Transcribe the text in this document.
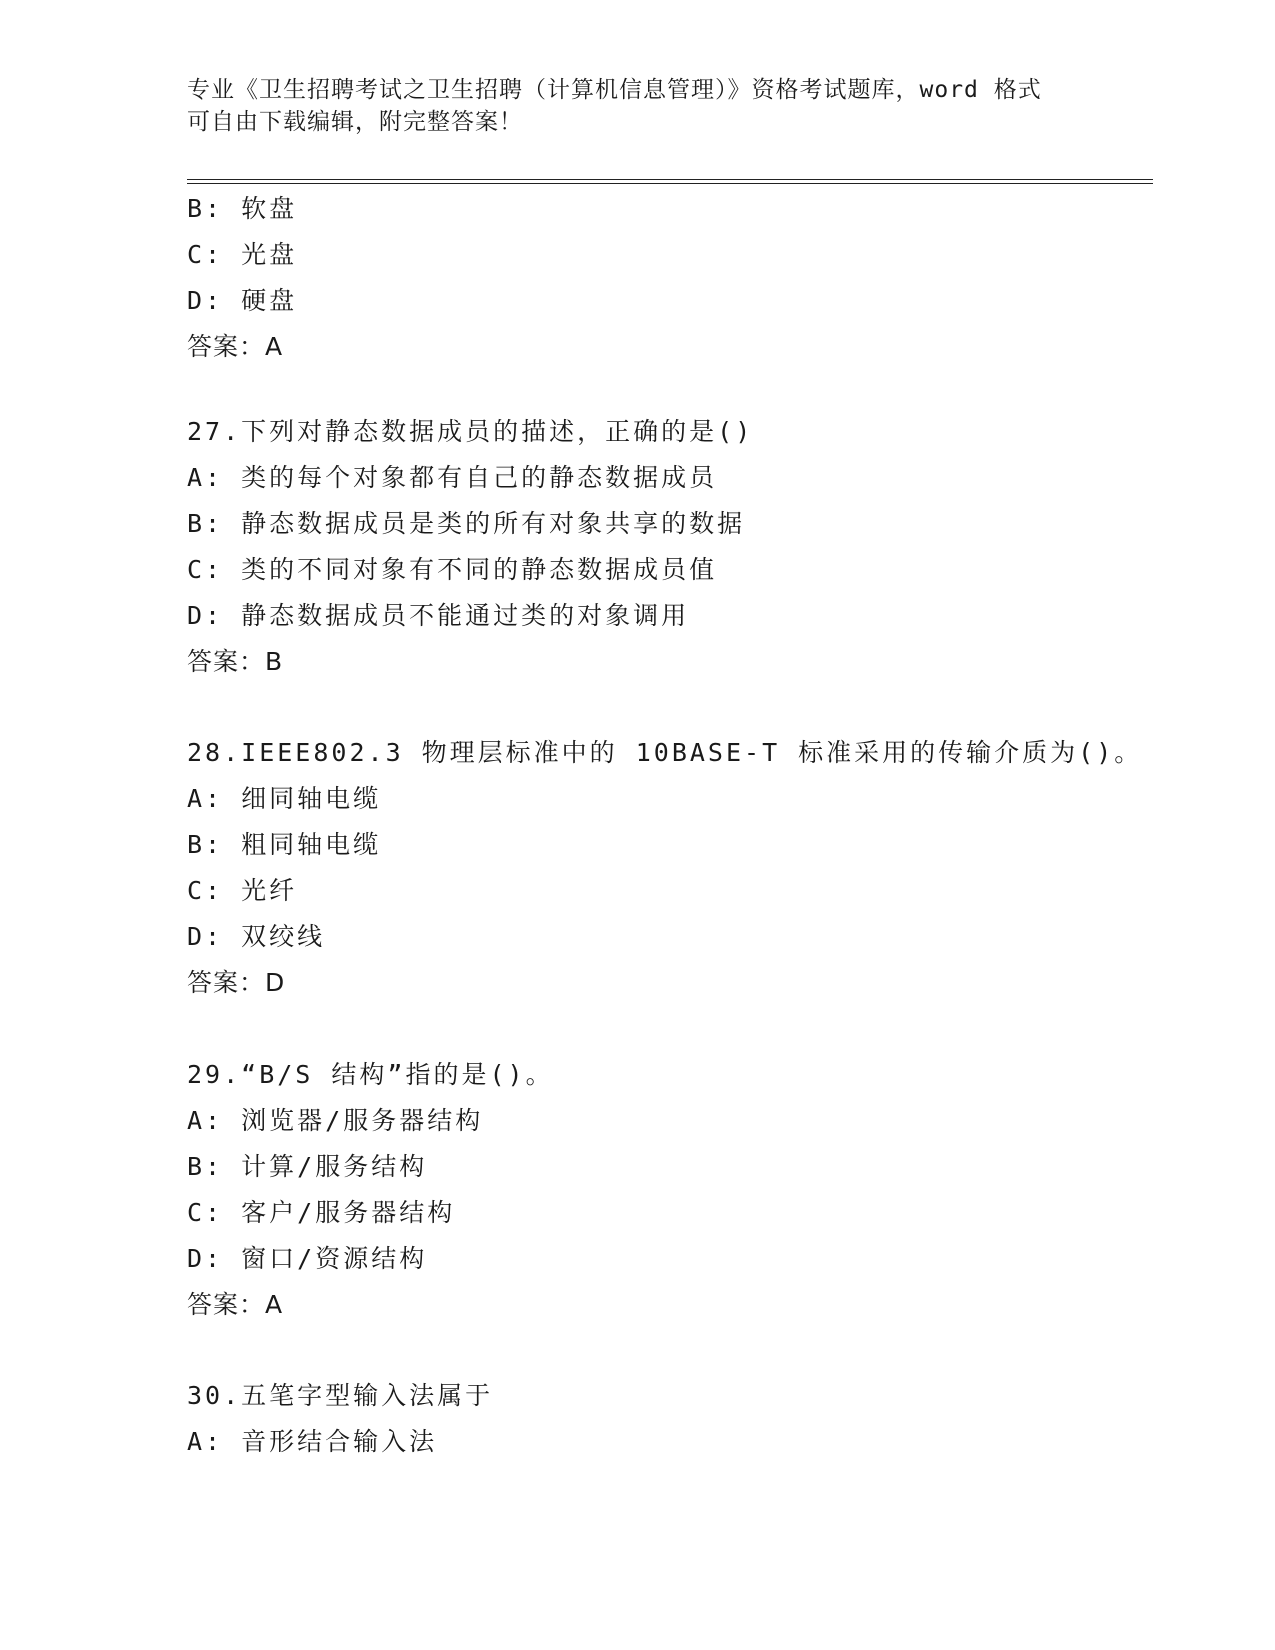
专业《卫生招聘考试之卫生招聘（计算机信息管理）》资格考试题库，word 格式
可自由下载编辑，附完整答案！
B: 软盘
C: 光盘
D: 硬盘
答案：A
27.下列对静态数据成员的描述，正确的是()
A: 类的每个对象都有自己的静态数据成员
B: 静态数据成员是类的所有对象共享的数据
C: 类的不同对象有不同的静态数据成员值
D: 静态数据成员不能通过类的对象调用
答案：B
28.IEEE802.3 物理层标准中的 10BASE-T 标准采用的传输介质为()。
A: 细同轴电缆
B: 粗同轴电缆
C: 光纤
D: 双绞线
答案：D
29.“B/S 结构”指的是()。
A: 浏览器/服务器结构
B: 计算/服务结构
C: 客户/服务器结构
D: 窗口/资源结构
答案：A
30.五笔字型输入法属于
A: 音形结合输入法
